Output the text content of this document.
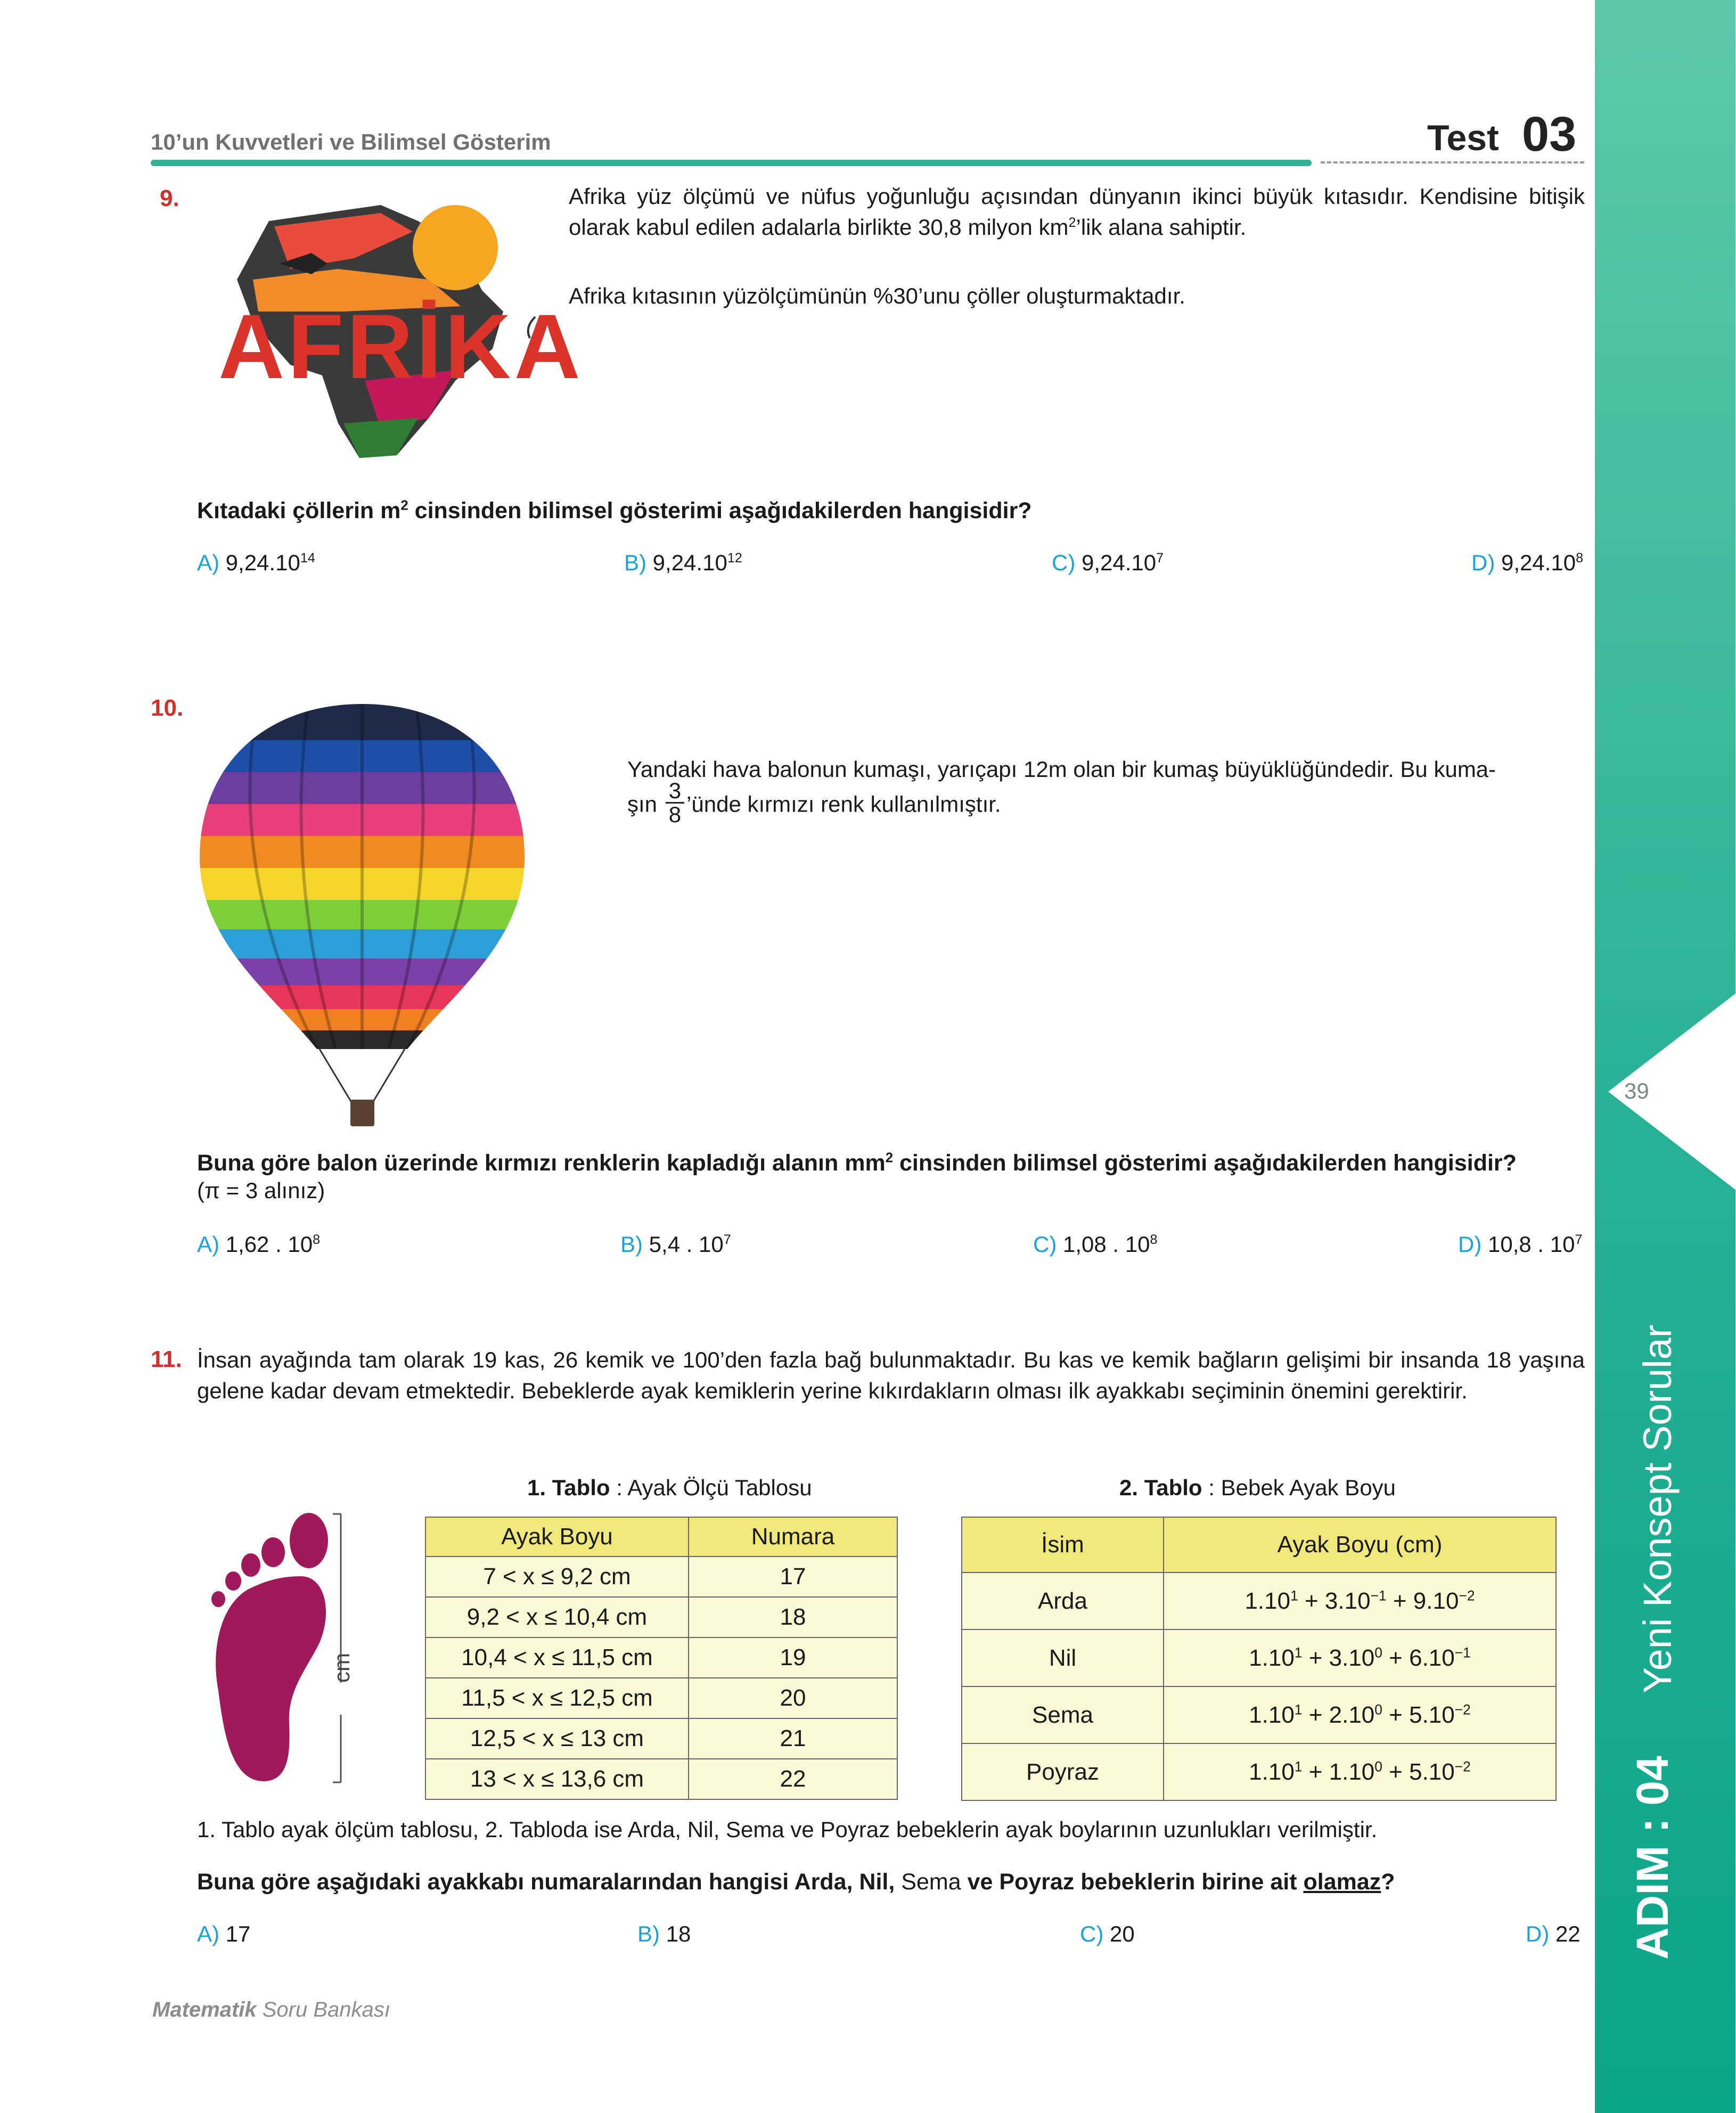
39
Yeni Konsept Sorular
ADIM : 04
10’un Kuvvetleri ve Bilimsel Gösterim	Test 03
9.
AFRİKA
Afrika yüz ölçümü ve nüfus yoğunluğu açısından dünyanın ikinci büyük kıtasıdır. Kendisine bitişik olarak kabul edilen adalarla birlikte 30,8 milyon $km^2’lik$ alana sahiptir.
Afrika kıtasının yüzölçümünün %30’unu çöller oluşturmaktadır.
Kıtadaki çöllerin $m^2$ cinsinden bilimsel gösterimi aşağıdakilerden hangisidir?
A) 9,24.10$^{14}$	B) 9,24.10$^{12}$	C) 9,24.10$^7$	D) 9,24.10$^8$
10.
Yandaki hava balonun kumaşı, yarıçapı 12m olan bir kumaş büyüklüğündedir. Bu kuma-
şın $\frac{3}{8}$ ’ünde kırmızı renk kullanılmıştır.
Buna göre balon üzerinde kırmızı renklerin kapladığı alanın $mm^2$ cinsinden bilimsel gösterimi aşağıdakilerden hangisidir?
(π = 3 alınız)
A) 1,62 . $10^8$	B) 5,4 . $10^7$	C) 1,08 . $10^8$	D) 10,8 . $10^7$
11. İnsan ayağında tam olarak 19 kas, 26 kemik ve 100’den fazla bağ bulunmaktadır. Bu kas ve kemik bağların gelişimi bir insanda 18 yaşına gelene kadar devam etmektedir. Bebeklerde ayak kemiklerin yerine kıkırdakların olması ilk ayakkabı seçiminin önemini gerektirir.
cm
1. Tablo : Ayak Ölçü Tablosu
Ayak Boyu	Numara
7 < x ≤ 9,2 cm	17
9,2 < x ≤ 10,4 cm	18
10,4 < x ≤ 11,5 cm	19
11,5 < x ≤ 12,5 cm	20
12,5 < x ≤ 13 cm	21
13 < x ≤ 13,6 cm	22
2. Tablo : Bebek Ayak Boyu
İsim	Ayak Boyu (cm)
Arda	$1.10^1 + 3.10^{-1} + 9.10^{-2}$
Nil	$1.10^1 + 3.10^0 + 6.10^{-1}$
Sema	$1.10^1 + 2.10^0 + 5.10^{-2}$
Poyraz	$1.10^1 + 1.10^0 + 5.10^{-2}$
1. Tablo ayak ölçüm tablosu, 2. Tabloda ise Arda, Nil, Sema ve Poyraz bebeklerin ayak boylarının uzunlukları verilmiştir.
Buna göre aşağıdaki ayakkabı numaralarından hangisi Arda, Nil, Sema ve Poyraz bebeklerin birine ait olamaz?
A) 17	B) 18	C) 20	D) 22
Matematik Soru Bankası
